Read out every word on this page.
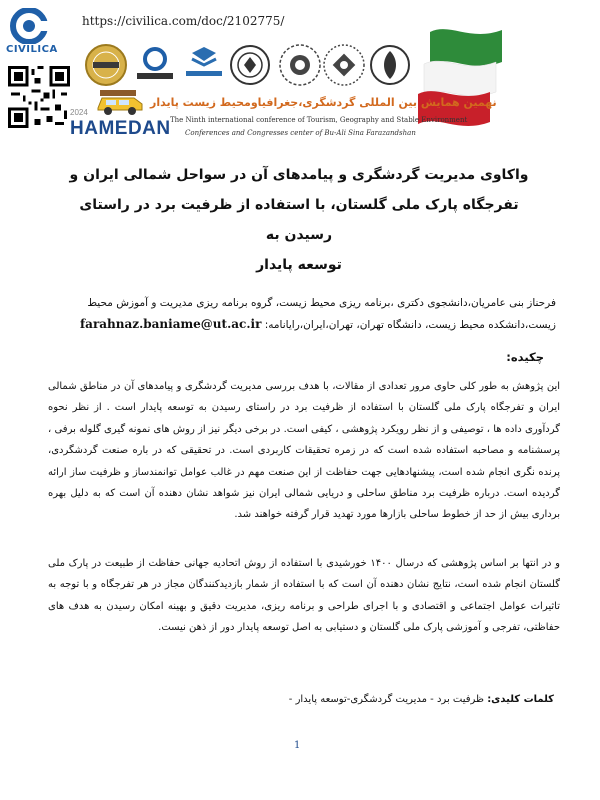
https://civilica.com/doc/2102775/
CIVILICA
نهمین همایش بین المللی گردشگری،جغرافیاومحیط زیست پایدار
The Ninth international conference of Tourism, Geography and Stable Environment
Conferences and Congresses center of Bu-Ali Sina Farazandshan
2024
HAMEDAN
واکاوی مدیریت گردشگری و پیامدهای آن در سواحل شمالی ایران و
تفرجگاه پارک ملی گلستان، با استفاده از ظرفیت برد در راستای رسیدن به
توسعه پایدار
فرحناز بنی عامریان،دانشجوی دکتری ،برنامه ریزی محیط زیست، گروه برنامه ریزی مدیریت و آموزش محیط
زیست،دانشکده محیط زیست، دانشگاه تهران، تهران،ایران،رایانامه: farahnaz.baniame@ut.ac.ir
چکیده:
این پژوهش به طور کلی حاوی مرور تعدادی از مقالات، با هدف بررسی مدیریت گردشگری و پیامدهای آن در مناطق شمالی ایران و تفرجگاه پارک ملی گلستان با استفاده از ظرفیت برد در راستای رسیدن به توسعه پایدار است . از نظر نحوه گردآوری داده ها ، توصیفی و از نظر رویکرد پژوهشی ، کیفی است. در برخی دیگر نیز از روش های نمونه گیری گلوله برفی ، پرسشنامه و مصاحبه استفاده شده است که در زمره تحقیقات کاربردی است. در تحقیقی که در باره صنعت گردشگردی، پرنده نگری انجام شده است، پیشنهادهایی جهت حفاظت از این صنعت مهم در غالب عوامل توانمندساز و ظرفیت ساز ارائه گردیده است. درباره ظرفیت برد مناطق ساحلی و دریایی شمالی ایران نیز شواهد نشان دهنده آن است که به دلیل بهره برداری بیش از حد از خطوط ساحلی بازارها مورد تهدید قرار گرفته خواهند شد.
و در انتها بر اساس پژوهشی که درسال ۱۴۰۰ خورشیدی با استفاده از روش اتحادیه جهانی حفاظت از طبیعت در پارک ملی گلستان انجام شده است، نتایج نشان دهنده آن است که با استفاده از شمار بازدیدکنندگان مجاز در هر تفرجگاه و با توجه به تاثیرات عوامل اجتماعی و اقتصادی و با اجرای طراحی و برنامه ریزی، مدیریت دقیق و بهینه امکان رسیدن به هدف های حفاظتی، تفرجی و آموزشی پارک ملی گلستان و دستیابی به اصل توسعه پایدار دور از ذهن نیست.
کلمات کلیدی: ظرفیت برد - مدیریت گردشگری-توسعه پایدار -
1
